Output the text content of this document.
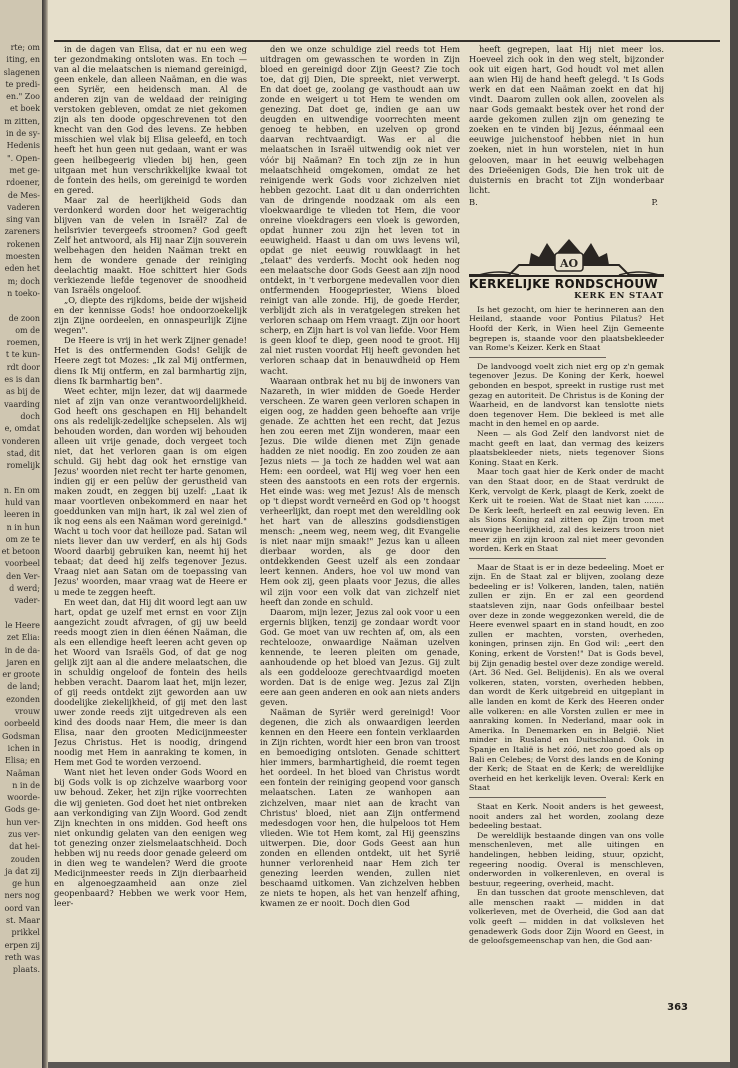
rte; om
iting, en
slagenen
te predi-
en." Zoo
et boek
m zitten,
in de sy-
Hedenis
". Open-
met ge-
rdoener,
de Mes-
vaderen
sing van
zareners
rokenen
moesten
eden het
m; doch
n toeko-

de zoon
om de
roemen,
t te kun-
rdt door
es is dan
as bij de
vaarding
doch
e, omdat
vonderen
stad, dit
romelijk

n. En om
huld van
leeren in
n in hun
om ze te
et betoon
voorbeel
den Ver-
d werd;
vader-

le Heere
zet Elia:
in de da-
jaren en
er groote
de land;
ezonden
vrouw
oorbeeld
Godsman
ichen in
Elisa; en
Naäman
n in de
woorde-
Gods ge-
hun ver-
zus ver-
dat hei-
zouden
ja dat zij
ge hun
ners nog
oord van
st. Maar
prikkel
erpen zij
reth was
plaats.

in de dagen van Elisa, dat er nu een weg ter gezondmaking ontsloten was. En toch — van al die melaatschen is niemand gereinigd, geen enkele, dan alleen Naäman, en die was een Syriër, een heidensch man. Al de anderen zijn van de weldaad der reiniging verstoken gebleven, omdat ze niet gekomen zijn als ten doode opgeschrevenen tot den knecht van den God des levens. Ze hebben misschien wel vlak bij Elisa geleefd, en toch heeft het hun geen nut gedaan, want er was geen heilbegeerig vlieden bij hen, geen uitgaan met hun verschrikkelijke kwaal tot de fontein des heils, om gereinigd te worden en gered.

Maar zal de heerlijkheid Gods dan verdonkerd worden door het weigerachtig blijven van de velen in Israël? Zal de heilsrivier tevergeefs stroomen? God geeft Zelf het antwoord, als Hij naar Zijn souverein welbehagen den heiden Naäman trekt en hem de wondere genade der reiniging deelachtig maakt. Hoe schittert hier Gods verkiezende liefde tegenover de snoodheid van Israëls ongeloof.

„O, diepte des rijkdoms, beide der wijsheid en der kennisse Gods! hoe ondoorzoekelijk zijn Zijne oordeelen, en onnaspeurlijk Zijne wegen".

De Heere is vrij in het werk Zijner genade! Het is des ontfermenden Gods! Gelijk de Heere zegt tot Mozes: „Ik zal Mij ontfermen, diens Ik Mij ontferm, en zal barmhartig zijn, diens Ik barmhartig ben".

Weet echter, mijn lezer, dat wij daarmede niet af zijn van onze verantwoordelijkheid. God heeft ons geschapen en Hij behandelt ons als redelijk-zedelijke schepselen. Als wij behouden worden, dan worden wij behouden alleen uit vrije genade, doch vergeet toch niet, dat het verloren gaan is om eigen schuld. Gij hebt dag ook het ernstige van Jezus' woorden niet recht ter harte genomen, indien gij er een pelûw der gerustheid van maken zoudt, en zeggen bij uzelf: „Laat ik maar voortleven onbekommerd en naar het goeddunken van mijn hart, ik zal wel zien of ik nog eens als een Naäman word gereinigd." Wacht u toch voor dat heilloze pad. Satan wil niets liever dan uw verderf, en als hij Gods Woord daarbij gebruiken kan, neemt hij het tebaat; dat deed hij zelfs tegenover Jezus. Vraag niet aan Satan om de toepassing van Jezus' woorden, maar vraag wat de Heere er u mede te zeggen heeft.

En weet dan, dat Hij dit woord legt aan uw hart, opdat ge uzelf met ernst en voor Zijn aangezicht zoudt afvragen, of gij uw beeld reeds moogt zien in dien éénen Naäman, die als een ellendige heeft leeren acht geven op het Woord van Israëls God, of dat ge nog gelijk zijt aan al die andere melaatschen, die in schuldig ongeloof de fontein des heils hebben veracht. Daarom laat het, mijn lezer, of gij reeds ontdekt zijt geworden aan uw doodelijke ziekelijkheid, of gij met den last uwer zonde reeds zijt uitgedreven als een kind des doods naar Hem, die meer is dan Elisa, naar den grooten Medicijnmeester Jezus Christus. Het is noodig, dringend noodig met Hem in aanraking te komen, in Hem met God te worden verzoend.

Want niet het leven onder Gods Woord en bij Gods volk is op zichzelve waarborg voor uw behoud. Zeker, het zijn rijke voorrechten die wij genieten. God doet het niet ontbreken aan verkondiging van Zijn Woord. God zendt Zijn knechten in ons midden. God heeft ons niet onkundig gelaten van den eenigen weg tot genezing onzer zielsmelaatschheid. Doch hebben wij nu reeds door genade geleerd om in dien weg te wandelen? Werd die groote Medicijnmeester reeds in Zijn dierbaarheid en algenoegzaamheid aan onze ziel geopenbaard? Hebben we werk voor Hem, leer-

den we onze schuldige ziel reeds tot Hem uitdragen om gewasschen te worden in Zijn bloed en gereinigd door Zijn Geest? Zie toch toe, dat gij Dien, Die spreekt, niet verwerpt. En dat doet ge, zoolang ge vasthoudt aan uw zonde en weigert u tot Hem te wenden om genezing. Dat doet ge, indien ge aan uw deugden en uitwendige voorrechten meent genoeg te hebben, en uzelven op grond daarvan rechtvaardigt. Was er al die melaatschen in Israël uitwendig ook niet ver vóór bij Naäman? En toch zijn ze in hun melaatschheid omgekomen, omdat ze het reinigende werk Gods voor zichzelven niet hebben gezocht. Laat dit u dan onderrichten van de dringende noodzaak om als een vloekwaardige te vlieden tot Hem, die voor onreine vloekdragers een vloek is geworden, opdat hunner zou zijn het leven tot in eeuwigheid. Haast u dan om uws levens wil, opdat ge niet eeuwig rouwklaagt in het „telaat" des verderfs. Mocht ook heden nog een melaatsche door Gods Geest aan zijn nood ontdekt, in 't verborgene medevallen voor dien ontfermenden Hoogepriester, Wiens bloed reinigt van alle zonde. Hij, de goede Herder, verblijdt zich als in veratgelegen streken het verloren schaap om Hem vraagt. Zijn oor hoort scherp, en Zijn hart is vol van liefde. Voor Hem is geen kloof te diep, geen nood te groot. Hij zal niet rusten voordat Hij heeft gevonden het verloren schaap dat in benauwdheid op Hem wacht.

Waaraan ontbrak het nu bij de inwoners van Nazareth, in wier midden de Goede Herder verscheen. Ze waren geen verloren schapen in eigen oog, ze hadden geen behoefte aan vrije genade. Ze achtten het een recht, dat Jezus hen zou eeren met Zijn wonderen, maar een Jezus. Die wilde dienen met Zijn genade hadden ze niet noodig. En zoo zouden ze aan Jezus niets — ja toch ze hadden wel wat aan Hem: een oordeel, wat Hij weg voer hen een steen des aanstoots en een rots der ergernis. Het einde was: weg met Jezus! Als de mensch op 't diepst wordt verneêrd en God op 't hoogst verheerlijkt, dan roept met den wereldling ook het hart van de alleszins godsdienstigen mensch: „neem weg, neem weg, dit Evangelie is niet naar mijn smaak!" Jezus kan u alleen dierbaar worden, als ge door den ontdekkenden Geest uzelf als een zondaar leert kennen. Anders, hoe vol uw mond van Hem ook zij, geen plaats voor Jezus, die alles wil zijn voor een volk dat van zichzelf niet heeft dan zonde en schuld.

Daarom, mijn lezer, Jezus zal ook voor u een ergernis blijken, tenzij ge zondaar wordt voor God. Ge moet van uw rechten af, om, als een rechtelooze, onwaardige Naäman uzelven kennende, te leeren pleiten om genade, aanhoudende op het bloed van Jezus. Gij zult als een goddelooze gerechtvaardigd moeten worden. Dat is de enige weg. Jezus zal Zijn eere aan geen anderen en ook aan niets anders geven.

Naäman de Syriër werd gereinigd! Voor degenen, die zich als onwaardigen leerden kennen en den Heere een fontein verklaarden in Zijn richten, wordt hier een bron van troost en bemoediging ontsloten. Genade schittert hier immers, barmhartigheid, die roemt tegen het oordeel. In het bloed van Christus wordt een fontein der reiniging geopend voor gansch melaatschen. Laten ze wanhopen aan zichzelven, maar niet aan de kracht van Christus' bloed, niet aan Zijn ontfermend medesdogen voor hen, die hulpeloos tot Hem vlieden. Wie tot Hem komt, zal Hij geenszins uitwerpen. Die, door Gods Geest aan hun zonden en ellenden ontdekt, uit het Syrië hunner verlorenheid naar Hem zich ter genezing leerden wenden, zullen niet beschaamd uitkomen. Van zichzelven hebben ze niets te hopen, als het van henzelf afhing, kwamen ze er nooit. Doch dien God

heeft gegrepen, laat Hij niet meer los. Hoeveel zich ook in den weg stelt, bijzonder ook uit eigen hart, God houdt vol met allen aan wien Hij de hand heeft gelegd. 't Is Gods werk en dat een Naäman zoekt en dat hij vindt. Daarom zullen ook allen, zoovelen als naar Gods gemaakt bestek over het rond der aarde gekomen zullen zijn om genezing te zoeken en te vinden bij Jezus, éénmaal een eeuwige juichenstoof hebben niet in hun zoeken, niet in hun worstelen, niet in hun gelooven, maar in het eeuwig welbehagen des Drieëenigen Gods, Die hen trok uit de duisternis en bracht tot Zijn wonderbaar licht.

B.	P.
AO
KERKELIJKE RONDSCHOUW
KERK EN STAAT

Is het gezocht, om hier te herinneren aan den Heiland, staande voor Pontius Pilatus? Het Hoofd der Kerk, in Wien heel Zijn Gemeente begrepen is, staande voor den plaatsbekleeder van Rome's Keizer. Kerk en Staat

De landvoogd voelt zich niet erg op z'n gemak tegenover Jezus. De Koning der Kerk, hoewel gebonden en bespot, spreekt in rustige rust met gezag en autoriteit. De Christus is de Koning der Waarheid, en de landvorst kan tenslotte niets doen tegenover Hem. Die bekleed is met alle macht in den hemel en op aarde.

Neen — als God Zelf den landvorst niet de macht geeft en laat, dan vermag des keizers plaatsbekleeder niets, niets tegenover Sions Koning. Staat en Kerk.

Maar toch gaat hier de Kerk onder de macht van den Staat door, en de Staat verdrukt de Kerk, vervolgt de Kerk, plaagt de Kerk, zoekt de Kerk uit te roeien. Wat de Staat niet kan ........ De Kerk leeft, herleeft en zal eeuwig leven. En als Sions Koning zal zitten op Zijn troon met eeuwige heerlijkheid, zal des keizers troon niet meer zijn en zijn kroon zal niet meer gevonden worden. Kerk en Staat

Maar de Staat is er in deze bedeeling. Moet er zijn. En de Staat zal er blijven, zoolang deze bedeeling er is! Volkeren, landen, talen, natiën zullen er zijn. En er zal een geordend staatsleven zijn, naar Gods onfeilbaar bestel over deze in zonde weggezonken wereld, die de Heere evenwel spaart en in stand houdt, en zoo zullen er machten, vorsten, overheden, koningen, prinsen zijn. En God wil: „eert den Koning, erkent de Vorsten!" Dat is Gods bevel, bij Zijn genadig bestel over deze zondige wereld. (Art. 36 Ned. Gel. Belijdenis). En als we overal volkeren, staten, vorsten, overheden hebben, dan wordt de Kerk uitgebreid en uitgeplant in alle landen en komt de Kerk des Heeren onder alle volkeren: en alle Vorsten zullen er mee in aanraking komen. In Nederland, maar ook in Amerika. In Denemarken en in België. Niet minder in Rusland en Duitschland. Ook in Spanje en Italië is het zóó, net zoo goed als op Bali en Celebes; de Vorst des lands en de Koning der Kerk; de Staat en de Kerk; de wereldlijke overheid en het kerkelijk leven. Overal: Kerk en Staat

Staat en Kerk. Nooit anders is het geweest, nooit anders zal het worden, zoolang deze bedeeling bestaat.

De wereldlijk bestaande dingen van ons volle menschenleven, met alle uitingen en handelingen, hebben leiding, stuur, opzicht, regeering noodig. Overal is menschleven, onderworden in volkerenleven, en overal is bestuur, regeering, overheid, macht.

En dan tusschen dat groote menschleven, dat alle menschen raakt — midden in dat volkerleven, met de Overheid, die God aan dat volk geeft — midden in dat volksleven het genadewerk Gods door Zijn Woord en Geest, in de geloofsgemeenschap van hen, die God aan-

363
